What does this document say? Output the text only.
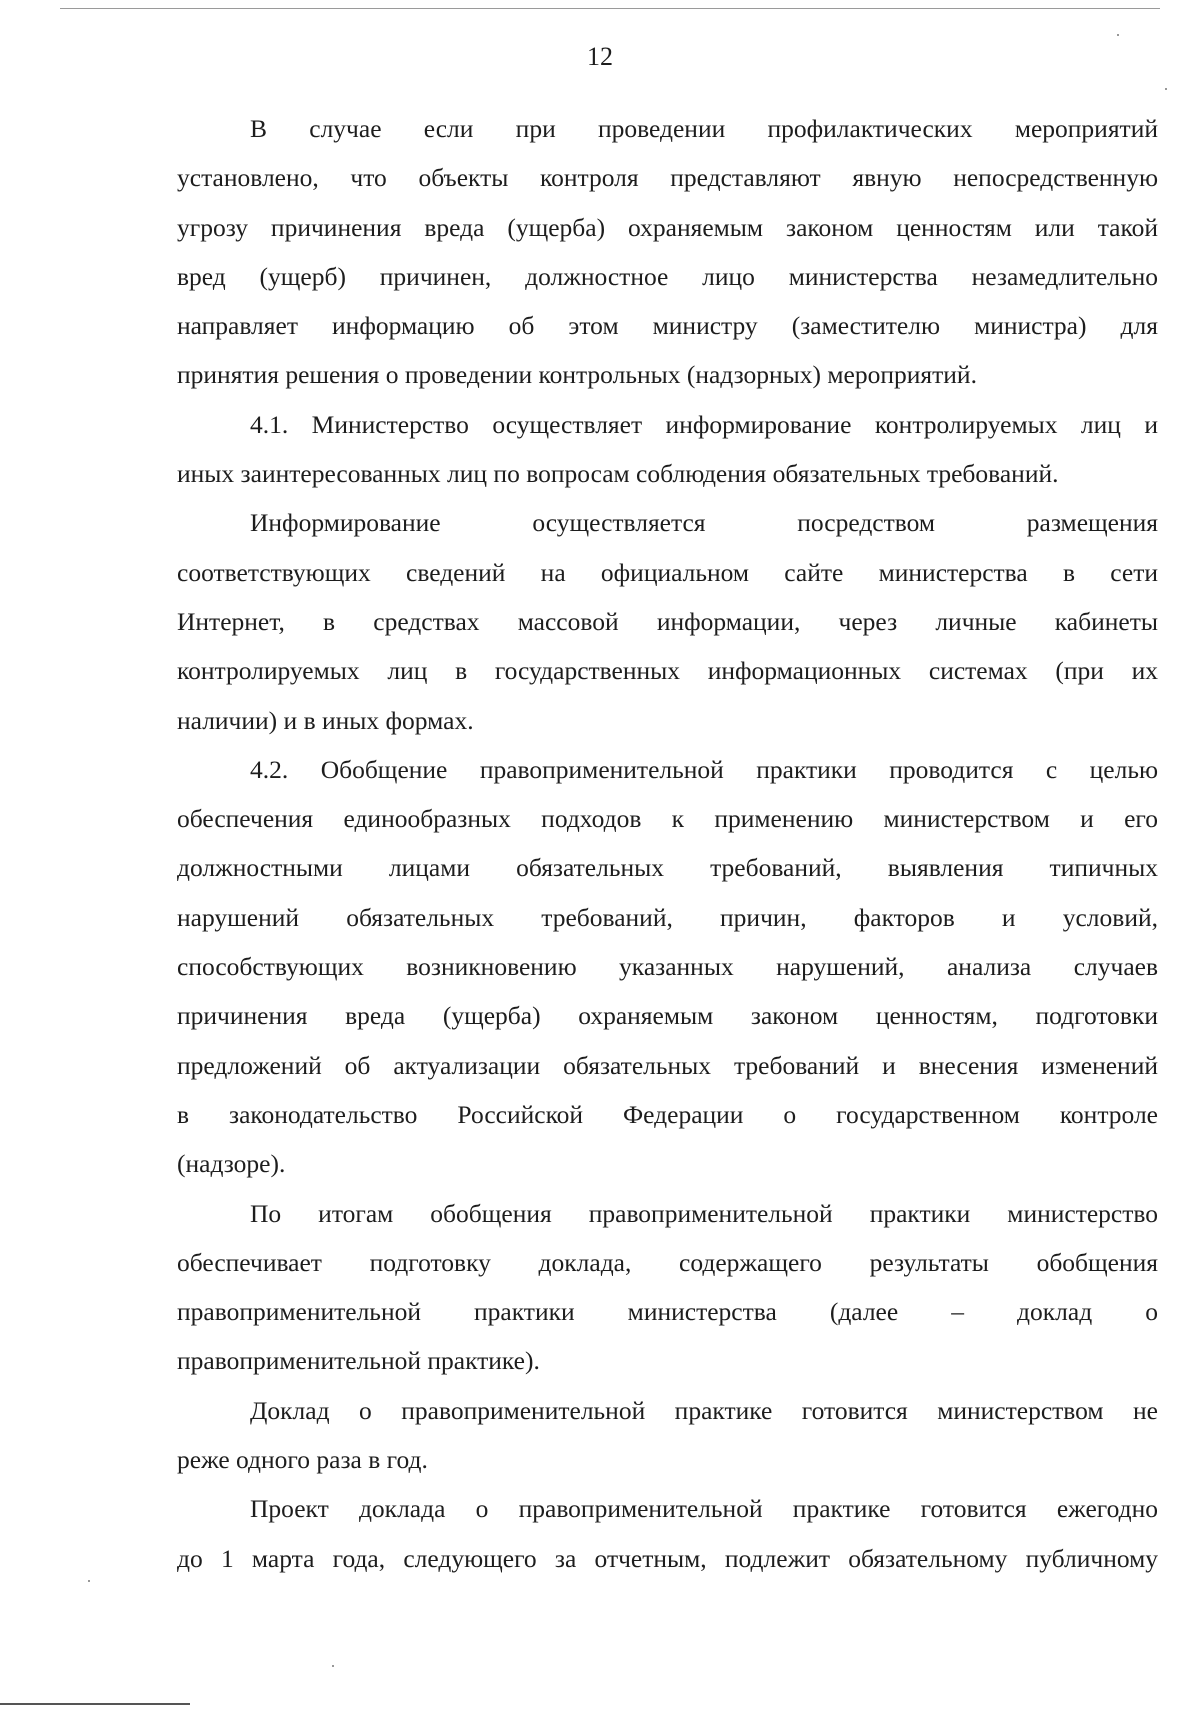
12

В случае если при проведении профилактических мероприятий
установлено, что объекты контроля представляют явную непосредственную
угрозу причинения вреда (ущерба) охраняемым законом ценностям или такой
вред (ущерб) причинен, должностное лицо министерства незамедлительно
направляет информацию об этом министру (заместителю министра) для
принятия решения о проведении контрольных (надзорных) мероприятий.

4.1. Министерство осуществляет информирование контролируемых лиц и
иных заинтересованных лиц по вопросам соблюдения обязательных требований.

Информирование осуществляется посредством размещения
соответствующих сведений на официальном сайте министерства в сети
Интернет, в средствах массовой информации, через личные кабинеты
контролируемых лиц в государственных информационных системах (при их
наличии) и в иных формах.

4.2. Обобщение правоприменительной практики проводится с целью
обеспечения единообразных подходов к применению министерством и его
должностными лицами обязательных требований, выявления типичных
нарушений обязательных требований, причин, факторов и условий,
способствующих возникновению указанных нарушений, анализа случаев
причинения вреда (ущерба) охраняемым законом ценностям, подготовки
предложений об актуализации обязательных требований и внесения изменений
в законодательство Российской Федерации о государственном контроле
(надзоре).

По итогам обобщения правоприменительной практики министерство
обеспечивает подготовку доклада, содержащего результаты обобщения
правоприменительной практики министерства (далее – доклад о
правоприменительной практике).

Доклад о правоприменительной практике готовится министерством не
реже одного раза в год.

Проект доклада о правоприменительной практике готовится ежегодно
до 1 марта года, следующего за отчетным, подлежит обязательному публичному
